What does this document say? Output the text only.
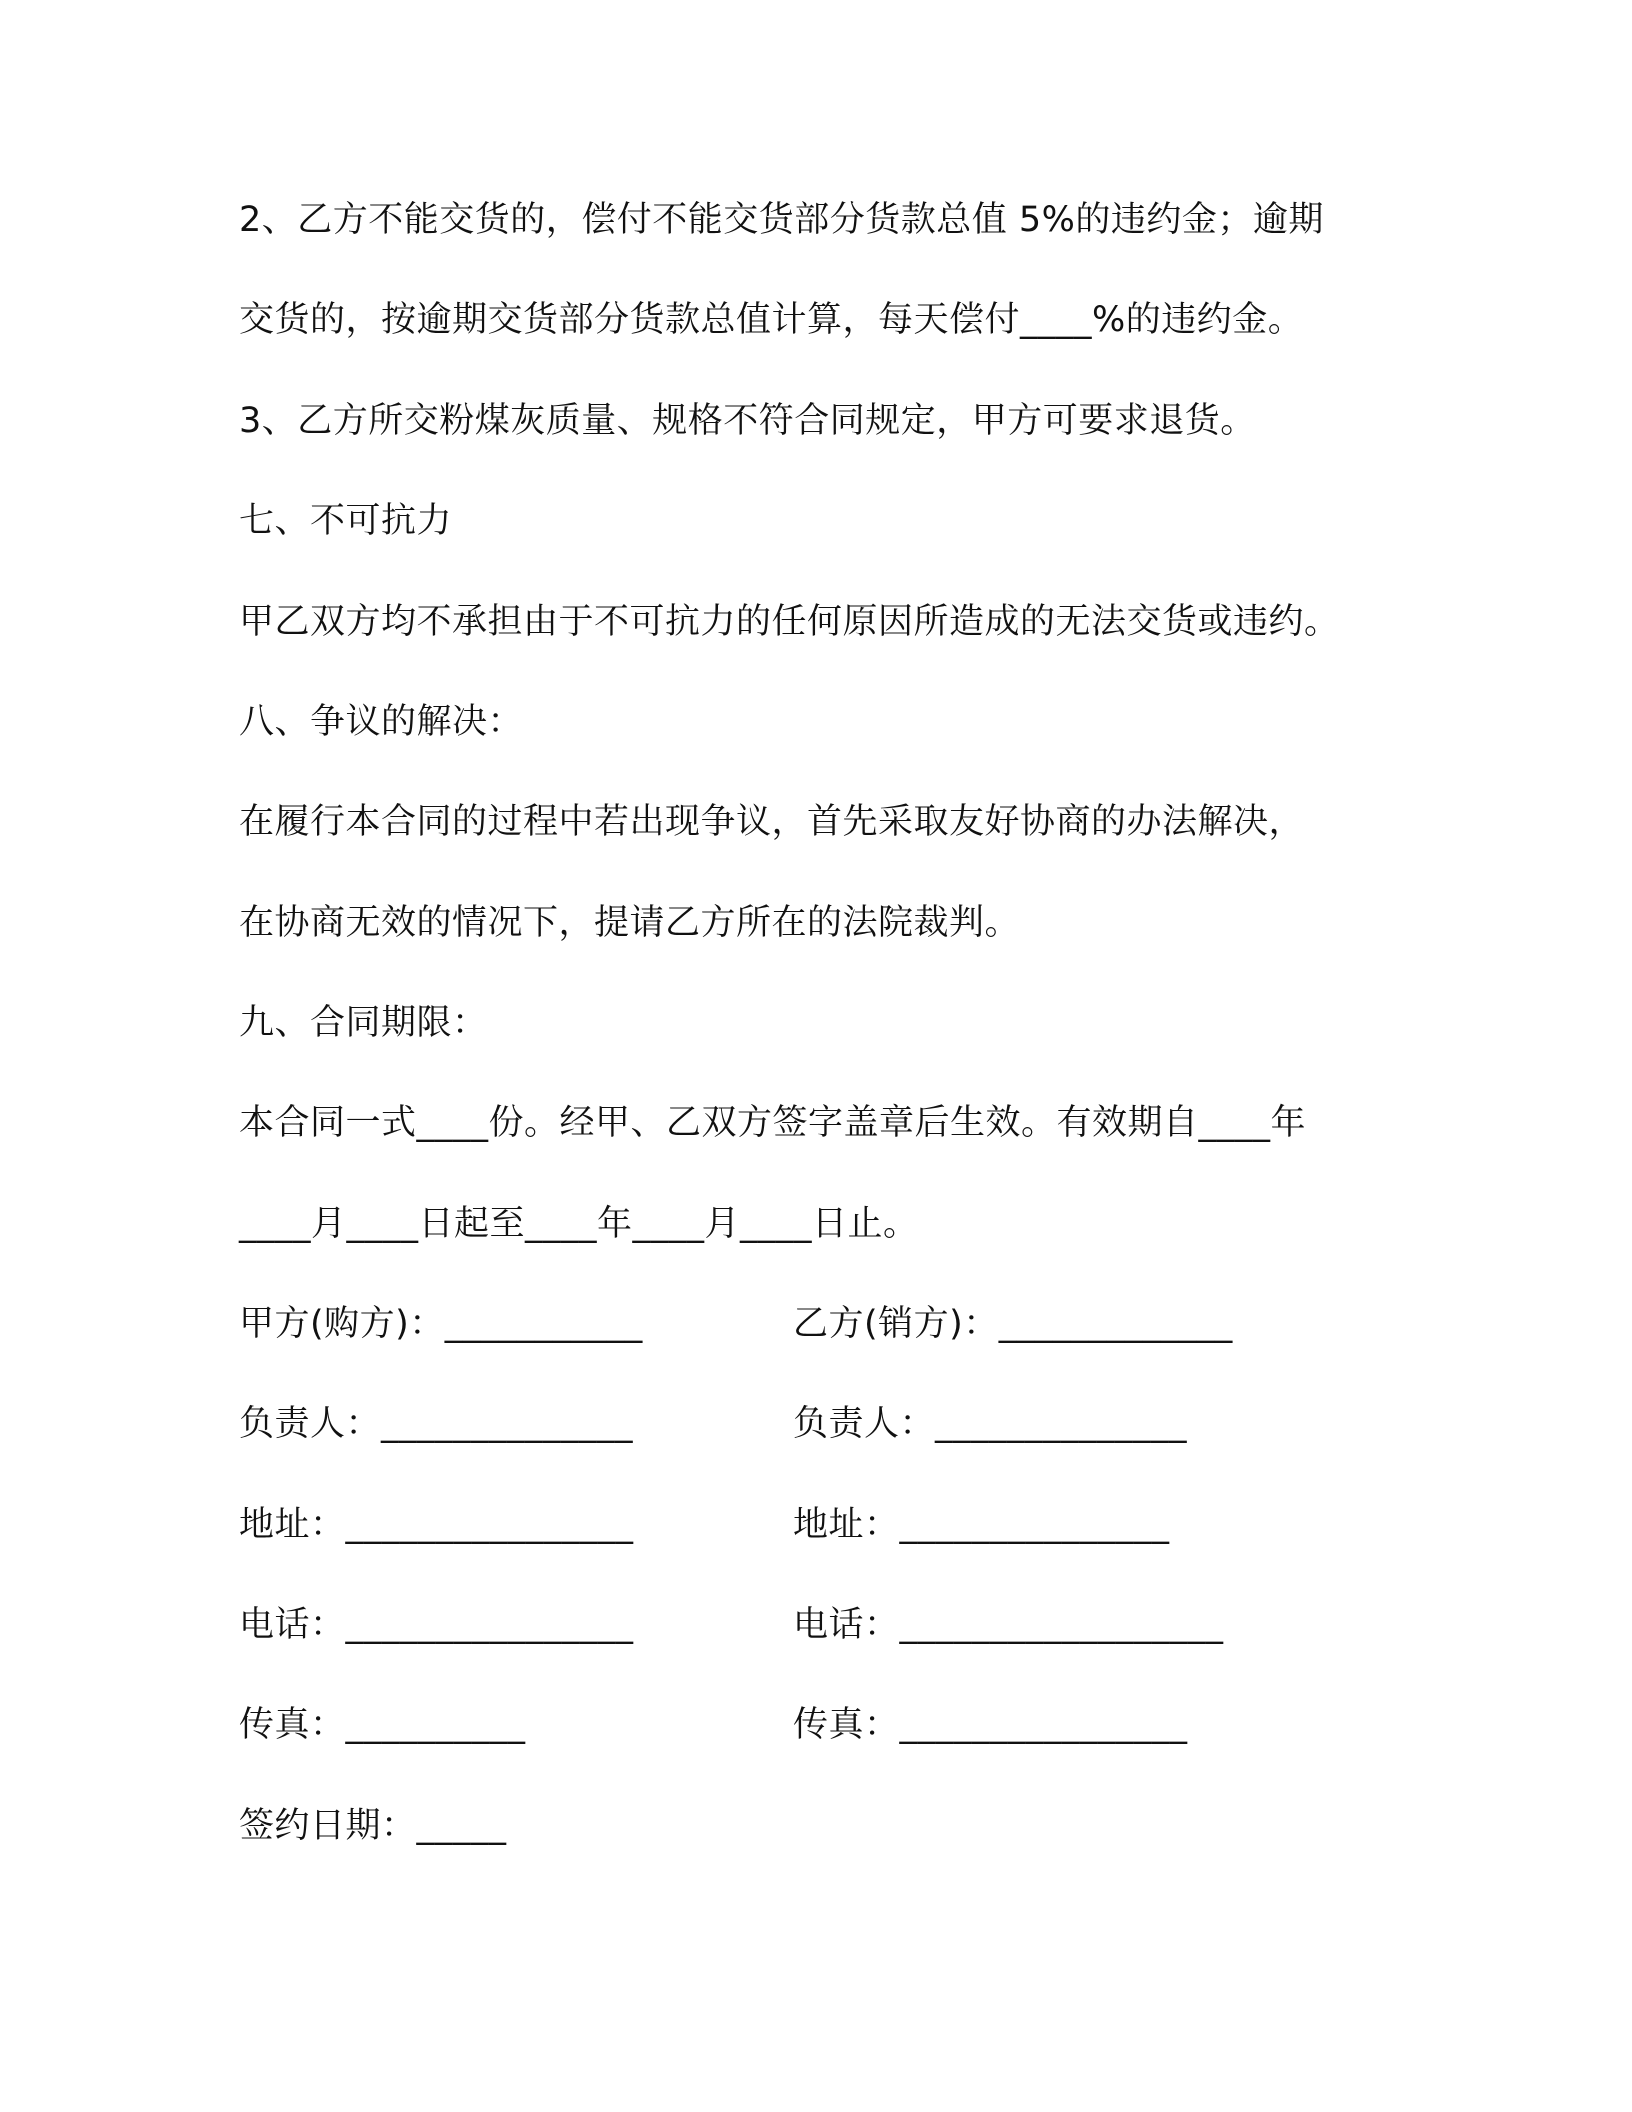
2、乙方不能交货的，偿付不能交货部分货款总值 5%的违约金；逾期
交货的，按逾期交货部分货款总值计算，每天偿付____%的违约金。
3、乙方所交粉煤灰质量、规格不符合同规定，甲方可要求退货。
七、不可抗力
甲乙双方均不承担由于不可抗力的任何原因所造成的无法交货或违约。
八、争议的解决：
在履行本合同的过程中若出现争议，首先采取友好协商的办法解决，
在协商无效的情况下，提请乙方所在的法院裁判。
九、合同期限：
本合同一式____份。经甲、乙双方签字盖章后生效。有效期自____年
____月____日起至____年____月____日止。
甲方(购方)：___________	乙方(销方)：_____________
负责人：______________	负责人：______________
地址：________________	地址：_______________
电话：________________	电话：__________________
传真：__________	传真：________________
签约日期：_____
